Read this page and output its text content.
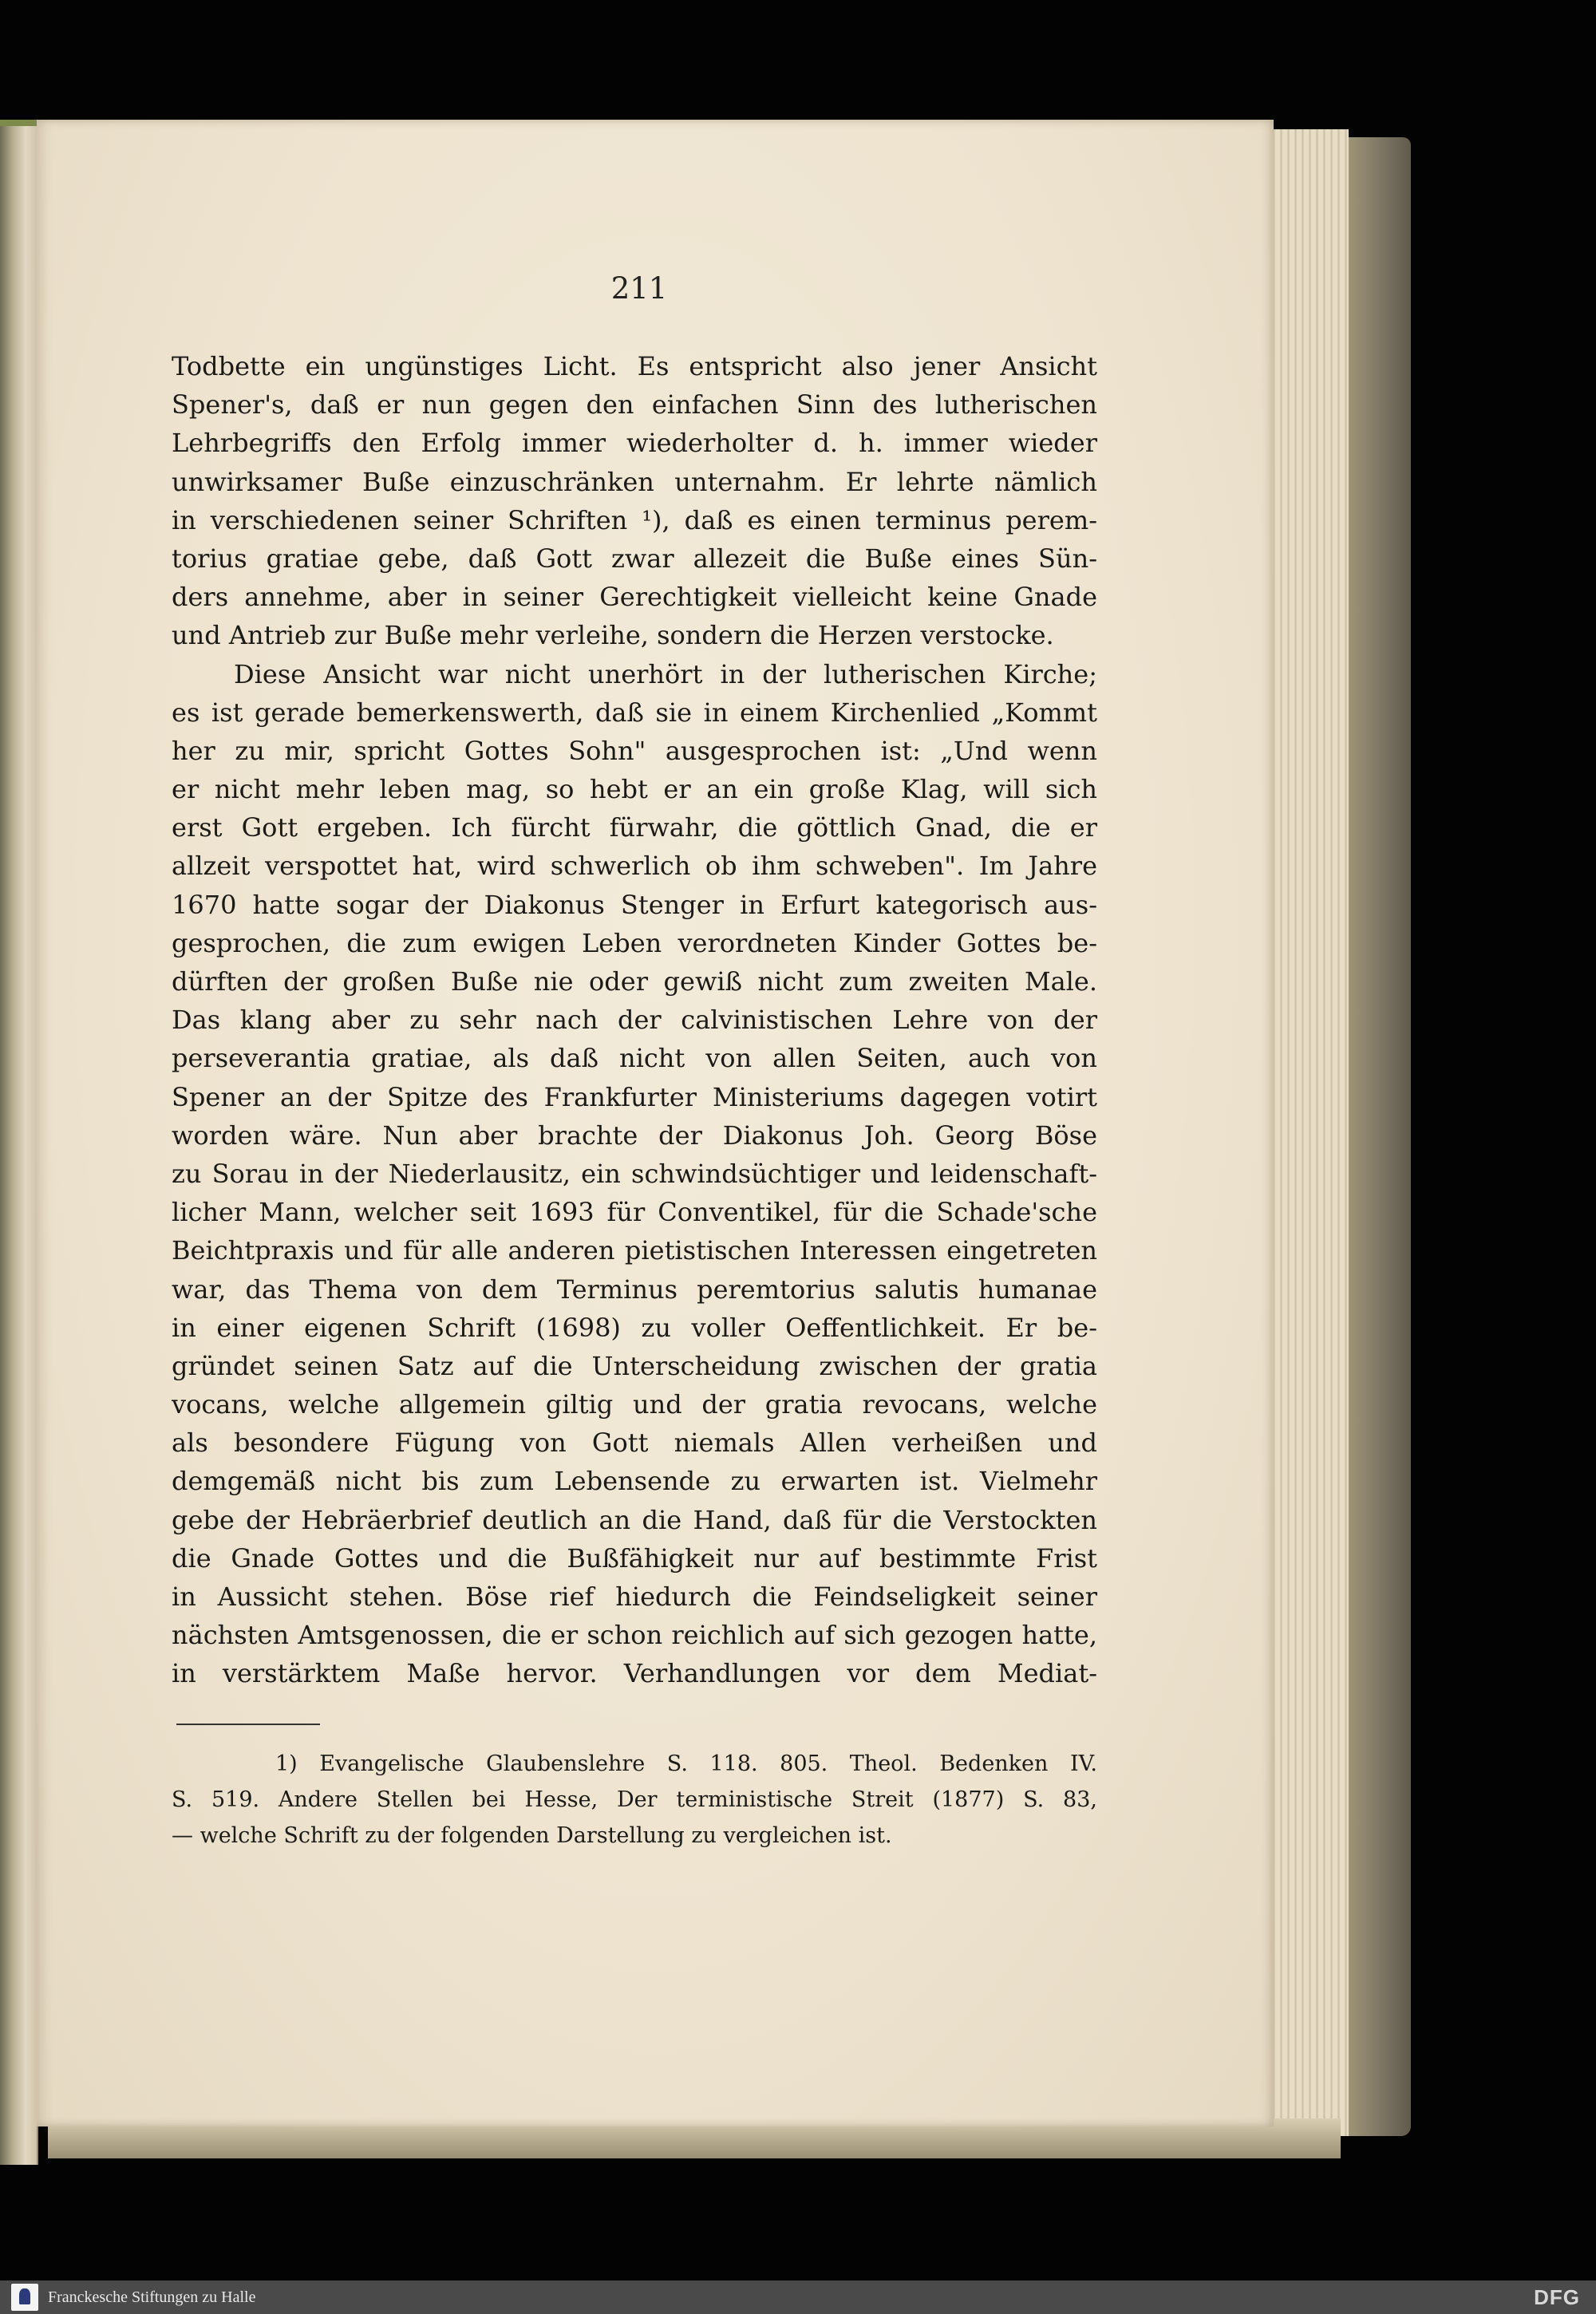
211
Todbette ein ungünstiges Licht. Es entspricht also jener Ansicht
Spener's, daß er nun gegen den einfachen Sinn des lutherischen
Lehrbegriffs den Erfolg immer wiederholter d. h. immer wieder
unwirksamer Buße einzuschränken unternahm. Er lehrte nämlich
in verschiedenen seiner Schriften ¹), daß es einen terminus perem-
torius gratiae gebe, daß Gott zwar allezeit die Buße eines Sün-
ders annehme, aber in seiner Gerechtigkeit vielleicht keine Gnade
und Antrieb zur Buße mehr verleihe, sondern die Herzen verstocke.
Diese Ansicht war nicht unerhört in der lutherischen Kirche;
es ist gerade bemerkenswerth, daß sie in einem Kirchenlied „Kommt
her zu mir, spricht Gottes Sohn" ausgesprochen ist: „Und wenn
er nicht mehr leben mag, so hebt er an ein große Klag, will sich
erst Gott ergeben. Ich fürcht fürwahr, die göttlich Gnad, die er
allzeit verspottet hat, wird schwerlich ob ihm schweben". Im Jahre
1670 hatte sogar der Diakonus Stenger in Erfurt kategorisch aus-
gesprochen, die zum ewigen Leben verordneten Kinder Gottes be-
dürften der großen Buße nie oder gewiß nicht zum zweiten Male.
Das klang aber zu sehr nach der calvinistischen Lehre von der
perseverantia gratiae, als daß nicht von allen Seiten, auch von
Spener an der Spitze des Frankfurter Ministeriums dagegen votirt
worden wäre. Nun aber brachte der Diakonus Joh. Georg Böse
zu Sorau in der Niederlausitz, ein schwindsüchtiger und leidenschaft-
licher Mann, welcher seit 1693 für Conventikel, für die Schade'sche
Beichtpraxis und für alle anderen pietistischen Interessen eingetreten
war, das Thema von dem Terminus peremtorius salutis humanae
in einer eigenen Schrift (1698) zu voller Oeffentlichkeit. Er be-
gründet seinen Satz auf die Unterscheidung zwischen der gratia
vocans, welche allgemein giltig und der gratia revocans, welche
als besondere Fügung von Gott niemals Allen verheißen und
demgemäß nicht bis zum Lebensende zu erwarten ist. Vielmehr
gebe der Hebräerbrief deutlich an die Hand, daß für die Verstockten
die Gnade Gottes und die Bußfähigkeit nur auf bestimmte Frist
in Aussicht stehen. Böse rief hiedurch die Feindseligkeit seiner
nächsten Amtsgenossen, die er schon reichlich auf sich gezogen hatte,
in verstärktem Maße hervor. Verhandlungen vor dem Mediat-
1) Evangelische Glaubenslehre S. 118. 805. Theol. Bedenken IV.
S. 519. Andere Stellen bei Hesse, Der terministische Streit (1877) S. 83,
— welche Schrift zu der folgenden Darstellung zu vergleichen ist.
Franckesche Stiftungen zu Halle	DFG
